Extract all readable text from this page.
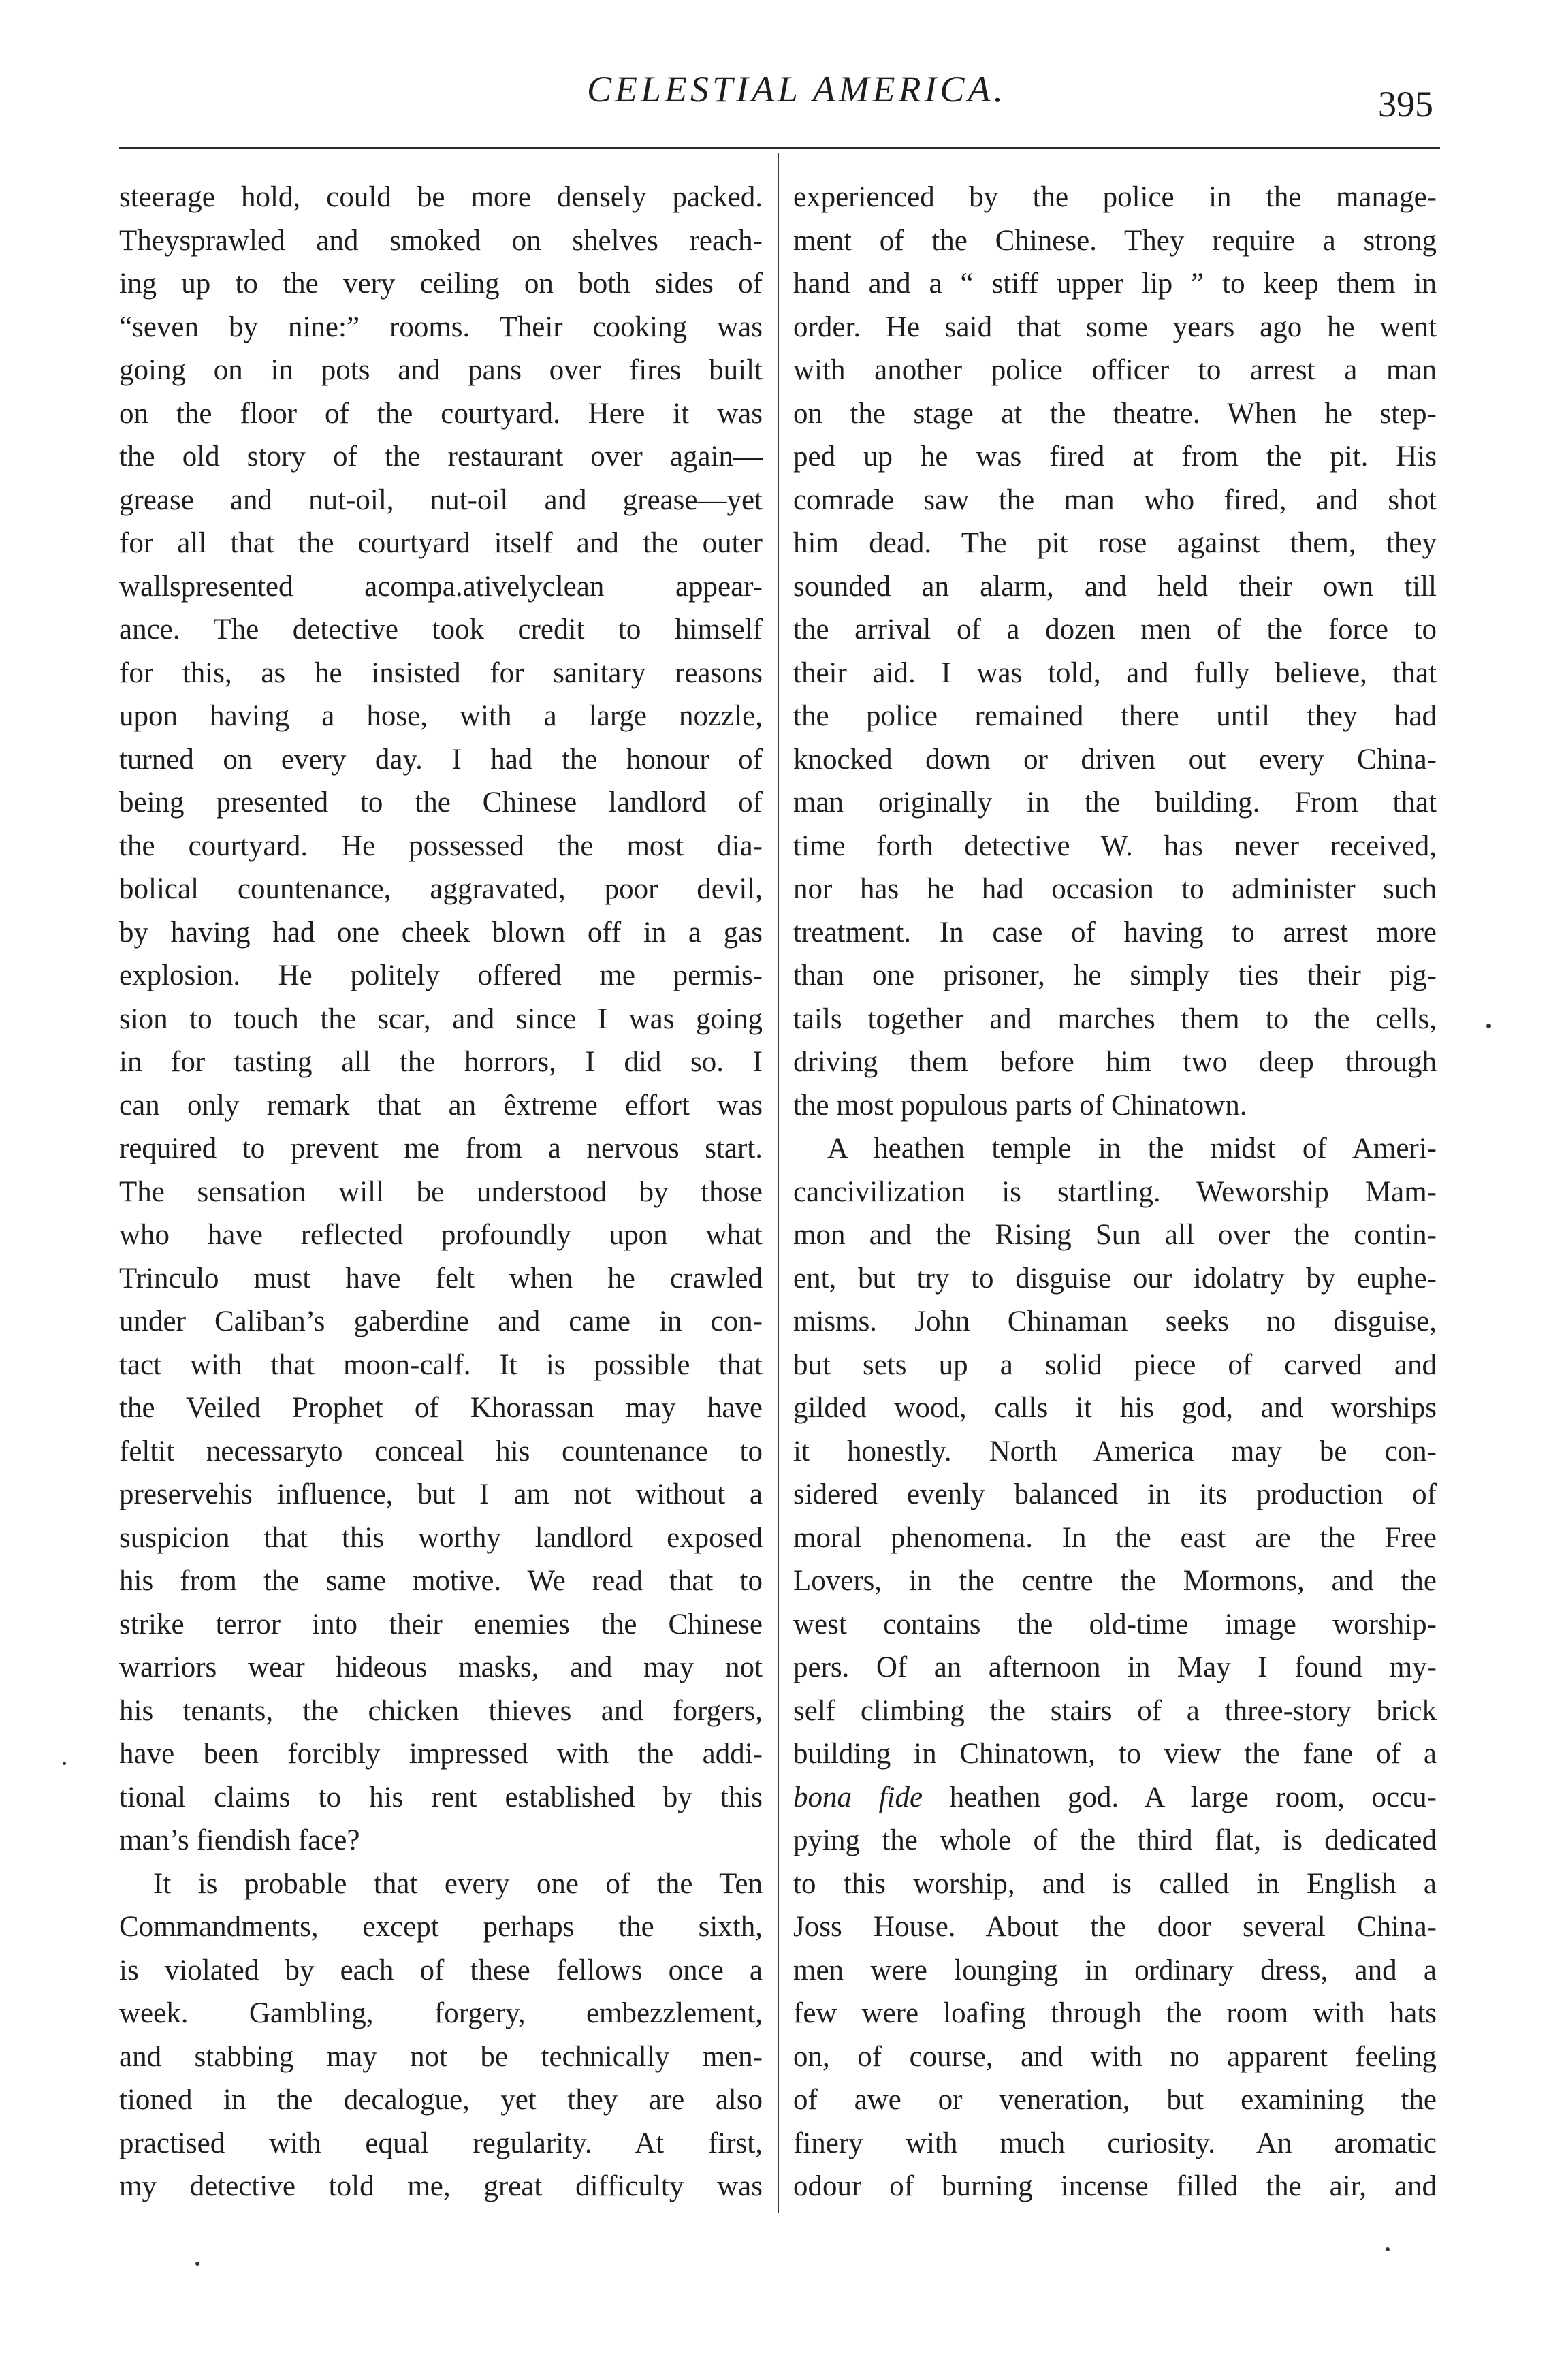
CELESTIAL AMERICA.	395
steerage hold, could be more densely packed.
Theysprawled and smoked on shelves reach-
ing up to the very ceiling on both sides of
“seven by nine:” rooms. Their cooking was
going on in pots and pans over fires built
on the floor of the courtyard. Here it was
the old story of the restaurant over again—
grease and nut-oil, nut-oil and grease—yet
for all that the courtyard itself and the outer
wallspresented acompa.ativelyclean appear-
ance. The detective took credit to himself
for this, as he insisted for sanitary reasons
upon having a hose, with a large nozzle,
turned on every day. I had the honour of
being presented to the Chinese landlord of
the courtyard. He possessed the most dia-
bolical countenance, aggravated, poor devil,
by having had one cheek blown off in a gas
explosion. He politely offered me permis-
sion to touch the scar, and since I was going
in for tasting all the horrors, I did so. I
can only remark that an êxtreme effort was
required to prevent me from a nervous start.
The sensation will be understood by those
who have reflected profoundly upon what
Trinculo must have felt when he crawled
under Caliban’s gaberdine and came in con-
tact with that moon-calf. It is possible that
the Veiled Prophet of Khorassan may have
feltit necessaryto conceal his countenance to
preservehis influence, but I am not without a
suspicion that this worthy landlord exposed
his from the same motive. We read that to
strike terror into their enemies the Chinese
warriors wear hideous masks, and may not
his tenants, the chicken thieves and forgers,
have been forcibly impressed with the addi-
tional claims to his rent established by this
man’s fiendish face?
It is probable that every one of the Ten
Commandments, except perhaps the sixth,
is violated by each of these fellows once a
week. Gambling, forgery, embezzlement,
and stabbing may not be technically men-
tioned in the decalogue, yet they are also
practised with equal regularity. At first,
my detective told me, great difficulty was
experienced by the police in the manage-
ment of the Chinese. They require a strong
hand and a “ stiff upper lip ” to keep them in
order. He said that some years ago he went
with another police officer to arrest a man
on the stage at the theatre. When he step-
ped up he was fired at from the pit. His
comrade saw the man who fired, and shot
him dead. The pit rose against them, they
sounded an alarm, and held their own till
the arrival of a dozen men of the force to
their aid. I was told, and fully believe, that
the police remained there until they had
knocked down or driven out every China-
man originally in the building. From that
time forth detective W. has never received,
nor has he had occasion to administer such
treatment. In case of having to arrest more
than one prisoner, he simply ties their pig-
tails together and marches them to the cells,
driving them before him two deep through
the most populous parts of Chinatown.
A heathen temple in the midst of Ameri-
cancivilization is startling. Weworship Mam-
mon and the Rising Sun all over the contin-
ent, but try to disguise our idolatry by euphe-
misms. John Chinaman seeks no disguise,
but sets up a solid piece of carved and
gilded wood, calls it his god, and worships
it honestly. North America may be con-
sidered evenly balanced in its production of
moral phenomena. In the east are the Free
Lovers, in the centre the Mormons, and the
west contains the old-time image worship-
pers. Of an afternoon in May I found my-
self climbing the stairs of a three-story brick
building in Chinatown, to view the fane of a
bona fide heathen god. A large room, occu-
pying the whole of the third flat, is dedicated
to this worship, and is called in English a
Joss House. About the door several China-
men were lounging in ordinary dress, and a
few were loafing through the room with hats
on, of course, and with no apparent feeling
of awe or veneration, but examining the
finery with much curiosity. An aromatic
odour of burning incense filled the air, and
